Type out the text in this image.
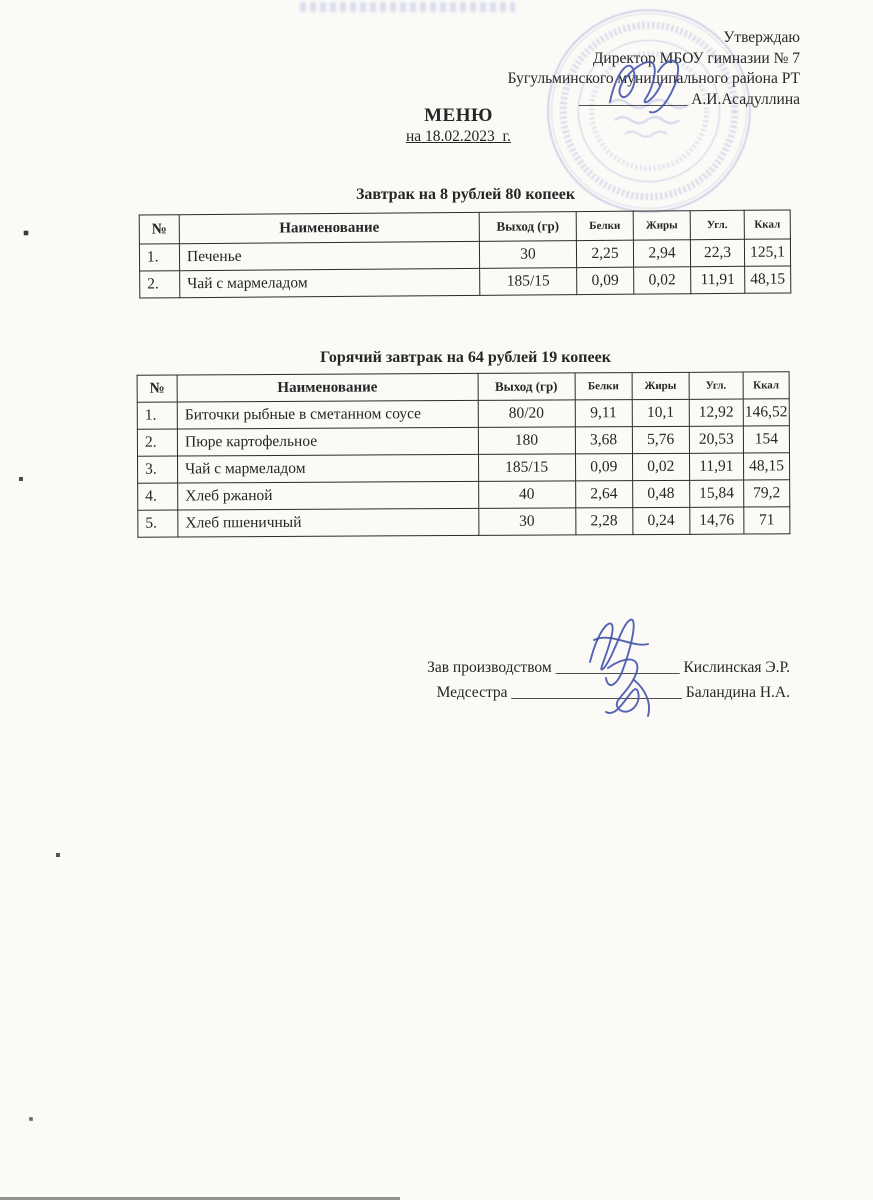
Утверждаю
Директор МБОУ гимназии № 7
Бугульминского муниципального района РТ
______________ А.И.Асадуллина
МЕНЮ
на 18.02.2023_г.
Завтрак на 8 рублей 80 копеек
№	Наименование	Выход (гр)	Белки	Жиры	Угл.	Ккал
1.	Печенье	30	2,25	2,94	22,3	125,1
2.	Чай с мармеладом	185/15	0,09	0,02	11,91	48,15
Горячий завтрак на 64 рублей 19 копеек
№	Наименование	Выход (гр)	Белки	Жиры	Угл.	Ккал
1.	Биточки рыбные в сметанном соусе	80/20	9,11	10,1	12,92	146,52
2.	Пюре картофельное	180	3,68	5,76	20,53	154
3.	Чай с мармеладом	185/15	0,09	0,02	11,91	48,15
4.	Хлеб ржаной	40	2,64	0,48	15,84	79,2
5.	Хлеб пшеничный	30	2,28	0,24	14,76	71
Зав производством ________________ Кислинская Э.Р.
Медсестра ______________________ Баландина Н.А.
